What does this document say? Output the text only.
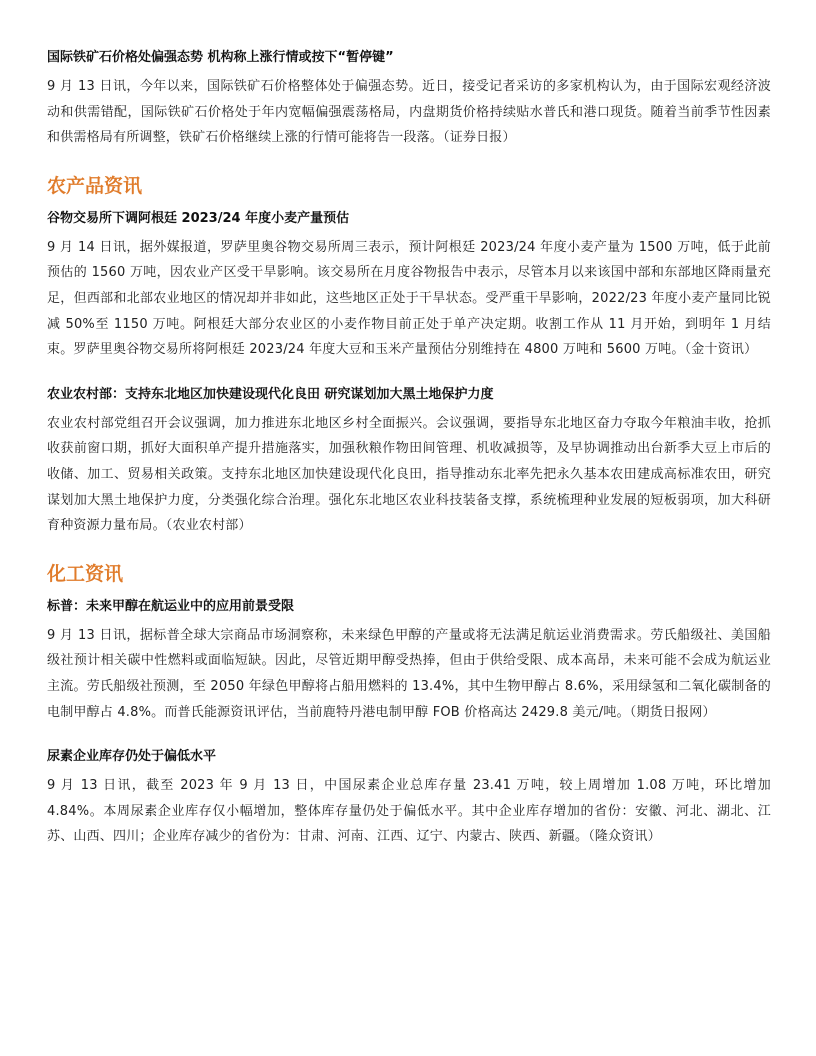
国际铁矿石价格处偏强态势 机构称上涨行情或按下“暂停键”

9 月 13 日讯，今年以来，国际铁矿石价格整体处于偏强态势。近日，接受记者采访的多家机构认为，由于国际宏观经济波动和供需错配，国际铁矿石价格处于年内宽幅偏强震荡格局，内盘期货价格持续贴水普氏和港口现货。随着当前季节性因素和供需格局有所调整，铁矿石价格继续上涨的行情可能将告一段落。（证券日报）

农产品资讯
谷物交易所下调阿根廷 2023/24 年度小麦产量预估

9 月 14 日讯，据外媒报道，罗萨里奥谷物交易所周三表示，预计阿根廷 2023/24 年度小麦产量为 1500 万吨，低于此前预估的 1560 万吨，因农业产区受干旱影响。该交易所在月度谷物报告中表示，尽管本月以来该国中部和东部地区降雨量充足，但西部和北部农业地区的情况却并非如此，这些地区正处于干旱状态。受严重干旱影响，2022/23 年度小麦产量同比锐减 50%至 1150 万吨。阿根廷大部分农业区的小麦作物目前正处于单产决定期。收割工作从 11 月开始，到明年 1 月结束。罗萨里奥谷物交易所将阿根廷 2023/24 年度大豆和玉米产量预估分别维持在 4800 万吨和 5600 万吨。（金十资讯）

农业农村部：支持东北地区加快建设现代化良田 研究谋划加大黑土地保护力度

农业农村部党组召开会议强调，加力推进东北地区乡村全面振兴。会议强调，要指导东北地区奋力夺取今年粮油丰收，抢抓收获前窗口期，抓好大面积单产提升措施落实，加强秋粮作物田间管理、机收减损等，及早协调推动出台新季大豆上市后的收储、加工、贸易相关政策。支持东北地区加快建设现代化良田，指导推动东北率先把永久基本农田建成高标准农田，研究谋划加大黑土地保护力度，分类强化综合治理。强化东北地区农业科技装备支撑，系统梳理种业发展的短板弱项，加大科研育种资源力量布局。（农业农村部）

化工资讯
标普：未来甲醇在航运业中的应用前景受限

9 月 13 日讯，据标普全球大宗商品市场洞察称，未来绿色甲醇的产量或将无法满足航运业消费需求。劳氏船级社、美国船级社预计相关碳中性燃料或面临短缺。因此，尽管近期甲醇受热捧，但由于供给受限、成本高昂，未来可能不会成为航运业主流。劳氏船级社预测，至 2050 年绿色甲醇将占船用燃料的 13.4%，其中生物甲醇占 8.6%，采用绿氢和二氧化碳制备的电制甲醇占 4.8%。而普氏能源资讯评估，当前鹿特丹港电制甲醇 FOB 价格高达 2429.8 美元/吨。（期货日报网）

尿素企业库存仍处于偏低水平

9 月 13 日讯，截至 2023 年 9 月 13 日，中国尿素企业总库存量 23.41 万吨，较上周增加 1.08 万吨，环比增加 4.84%。本周尿素企业库存仅小幅增加，整体库存量仍处于偏低水平。其中企业库存增加的省份：安徽、河北、湖北、江苏、山西、四川；企业库存减少的省份为：甘肃、河南、江西、辽宁、内蒙古、陕西、新疆。（隆众资讯）
